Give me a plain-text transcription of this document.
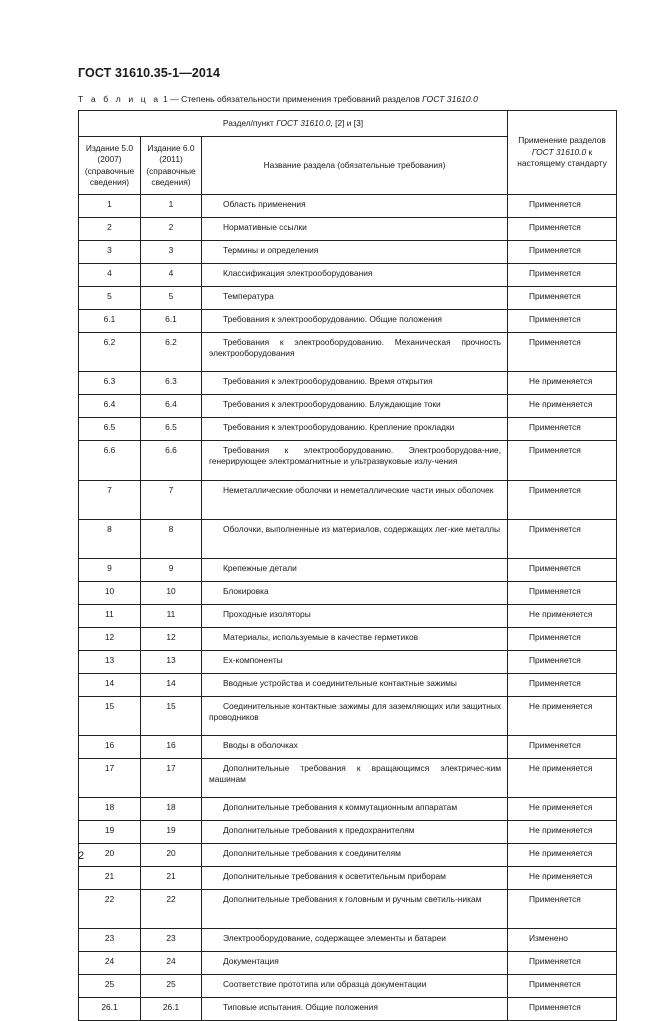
ГОСТ 31610.35-1—2014
Т а б л и ц а 1 — Степень обязательности применения требований разделов ГОСТ 31610.0
Раздел/пункт ГОСТ 31610.0, [2] и [3]			Применение разделов ГОСТ 31610.0 к настоящему стандарту
Издание 5.0 (2007) (справочные сведения)	Издание 6.0 (2011) (справочные сведения)	Название раздела (обязательные требования)	
1	1	Область применения	Применяется
2	2	Нормативные ссылки	Применяется
3	3	Термины и определения	Применяется
4	4	Классификация электрооборудования	Применяется
5	5	Температура	Применяется
6.1	6.1	Требования к электрооборудованию. Общие положения	Применяется
6.2	6.2	Требования к электрооборудованию. Механическая прочность электрооборудования	Применяется
6.3	6.3	Требования к электрооборудованию. Время открытия	Не применяется
6.4	6.4	Требования к электрооборудованию. Блуждающие токи	Не применяется
6.5	6.5	Требования к электрооборудованию. Крепление прокладки	Применяется
6.6	6.6	Требования к электрооборудованию. Электрооборудова-ние, генерирующее электромагнитные и ультразвуковые излу-чения	Применяется
7	7	Неметаллические оболочки и неметаллические части иных оболочек	Применяется
8	8	Оболочки, выполненные из материалов, содержащих лег-кие металлы	Применяется
9	9	Крепежные детали	Применяется
10	10	Блокировка	Применяется
11	11	Проходные изоляторы	Не применяется
12	12	Материалы, используемые в качестве герметиков	Применяется
13	13	Ex-компоненты	Применяется
14	14	Вводные устройства и соединительные контактные зажимы	Применяется
15	15	Соединительные контактные зажимы для заземляющих или защитных проводников	Не применяется
16	16	Вводы в оболочках	Применяется
17	17	Дополнительные требования к вращающимся электричес-ким машинам	Не применяется
18	18	Дополнительные требования к коммутационным аппаратам	Не применяется
19	19	Дополнительные требования к предохранителям	Не применяется
20	20	Дополнительные требования к соединителям	Не применяется
21	21	Дополнительные требования к осветительным приборам	Не применяется
22	22	Дополнительные требования к головным и ручным светиль-никам	Применяется
23	23	Электрооборудование, содержащее элементы и батареи	Изменено
24	24	Документация	Применяется
25	25	Соответствие прототипа или образца документации	Применяется
26.1	26.1	Типовые испытания. Общие положения	Применяется
2
